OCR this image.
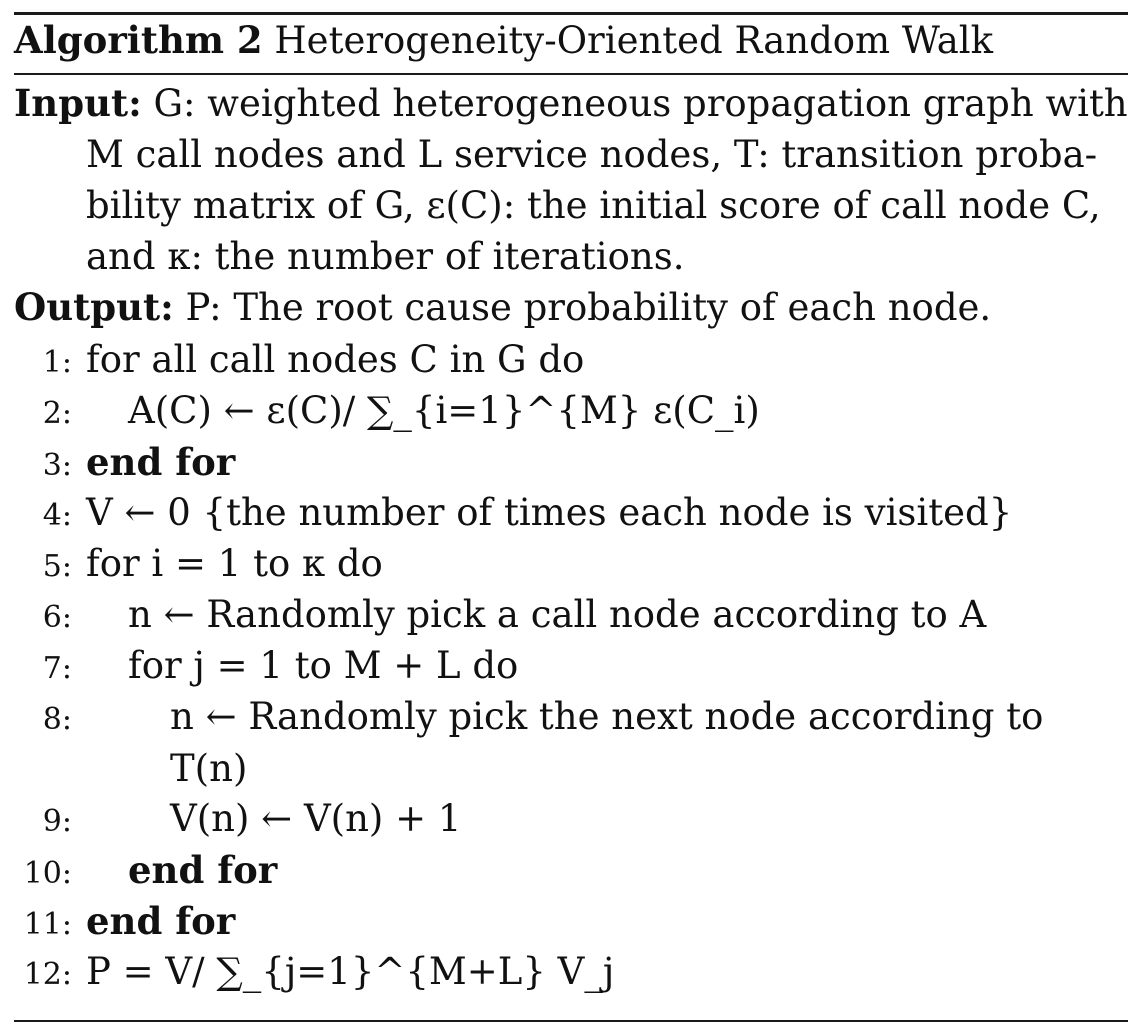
Algorithm 2 Heterogeneity-Oriented Random Walk
Input: G: weighted heterogeneous propagation graph with
M call nodes and L service nodes, T: transition proba-
bility matrix of G, ε(C): the initial score of call node C,
and κ: the number of iterations.
Output: P: The root cause probability of each node.
1: for all call nodes C in G do
2: A(C) ← ε(C)/ ∑_{i=1}^{M} ε(C_i)
3: end for
4: V ← 0 {the number of times each node is visited}
5: for i = 1 to κ do
6: n ← Randomly pick a call node according to A
7: for j = 1 to M + L do
8:	n ← Randomly pick the next node according to T(n)
9:	V(n) ← V(n) + 1
10: end for
11: end for
12: P = V/ ∑_{j=1}^{M+L} V_j
